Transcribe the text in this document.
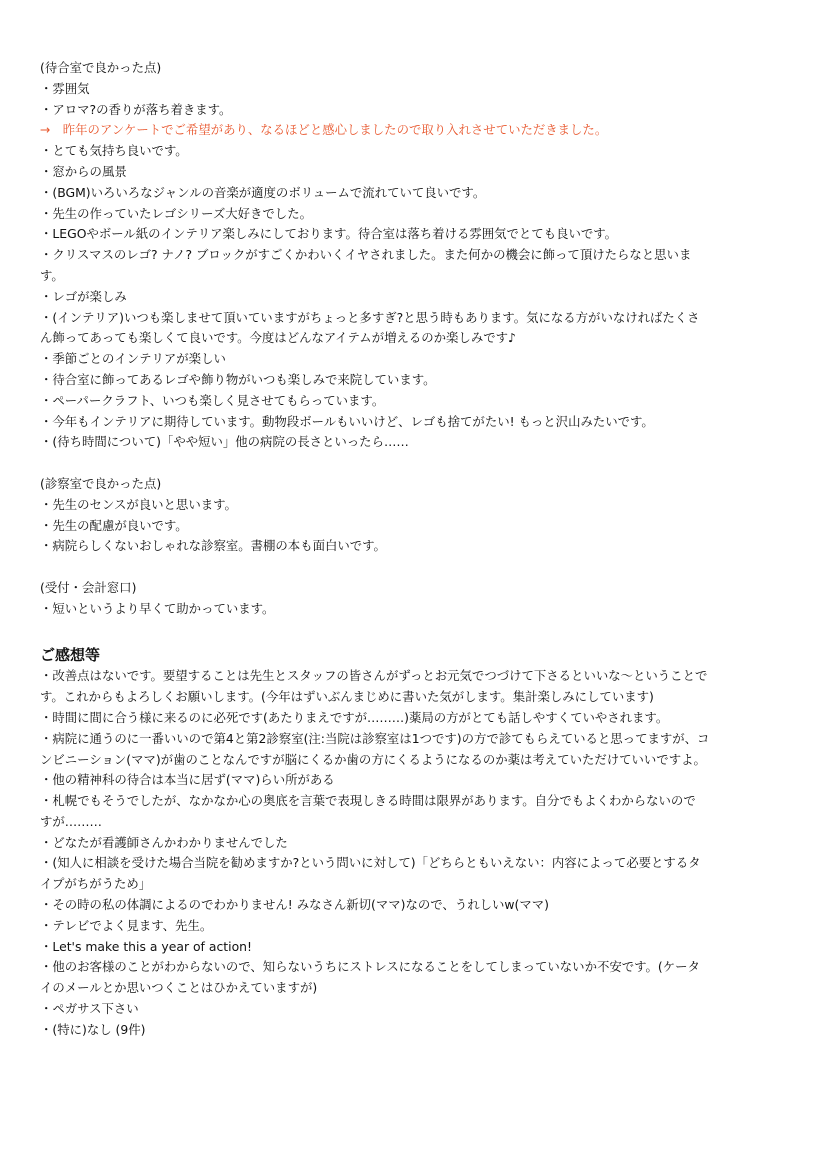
(待合室で良かった点)

・雰囲気

・アロマ?の香りが落ち着きます。

→　昨年のアンケートでご希望があり、なるほどと感心しましたので取り入れさせていただきました。

・とても気持ち良いです。

・窓からの風景

・(BGM)いろいろなジャンルの音楽が適度のボリュームで流れていて良いです。

・先生の作っていたレゴシリーズ大好きでした。

・LEGOやボール紙のインテリア楽しみにしております。待合室は落ち着ける雰囲気でとても良いです。

・クリスマスのレゴ? ナノ? ブロックがすごくかわいくイヤされました。また何かの機会に飾って頂けたらなと思いま

す。

・レゴが楽しみ

・(インテリア)いつも楽しませて頂いていますがちょっと多すぎ?と思う時もあります。気になる方がいなければたくさ

ん飾ってあっても楽しくて良いです。今度はどんなアイテムが増えるのか楽しみです♪

・季節ごとのインテリアが楽しい

・待合室に飾ってあるレゴや飾り物がいつも楽しみで来院しています。

・ペーパークラフト、いつも楽しく見させてもらっています。

・今年もインテリアに期待しています。動物段ボールもいいけど、レゴも捨てがたい! もっと沢山みたいです。

・(待ち時間について)「やや短い」他の病院の長さといったら……

(診察室で良かった点)

・先生のセンスが良いと思います。

・先生の配慮が良いです。

・病院らしくないおしゃれな診察室。書棚の本も面白いです。

(受付・会計窓口)

・短いというより早くて助かっています。

ご感想等

・改善点はないです。要望することは先生とスタッフの皆さんがずっとお元気でつづけて下さるといいな〜ということで

す。これからもよろしくお願いします。(今年はずいぶんまじめに書いた気がします。集計楽しみにしています)

・時間に間に合う様に来るのに必死です(あたりまえですが………)薬局の方がとても話しやすくていやされます。

・病院に通うのに一番いいので第4と第2診察室(注:当院は診察室は1つです)の方で診てもらえていると思ってますが、コ

ンビニーション(ママ)が歯のことなんですが脳にくるか歯の方にくるようになるのか薬は考えていただけていいですよ。

・他の精神科の待合は本当に居ず(ママ)らい所がある

・札幌でもそうでしたが、なかなか心の奥底を言葉で表現しきる時間は限界があります。自分でもよくわからないので

すが………

・どなたが看護師さんかわかりませんでした

・(知人に相談を受けた場合当院を勧めますか?という問いに対して)「どちらともいえない：内容によって必要とするタ

イプがちがうため」

・その時の私の体調によるのでわかりません! みなさん新切(ママ)なので、うれしいw(ママ)

・テレビでよく見ます、先生。

・Let's make this a year of action!

・他のお客様のことがわからないので、知らないうちにストレスになることをしてしまっていないか不安です。(ケータ

イのメールとか思いつくことはひかえていますが)

・ペガサス下さい

・(特に)なし (9件)
